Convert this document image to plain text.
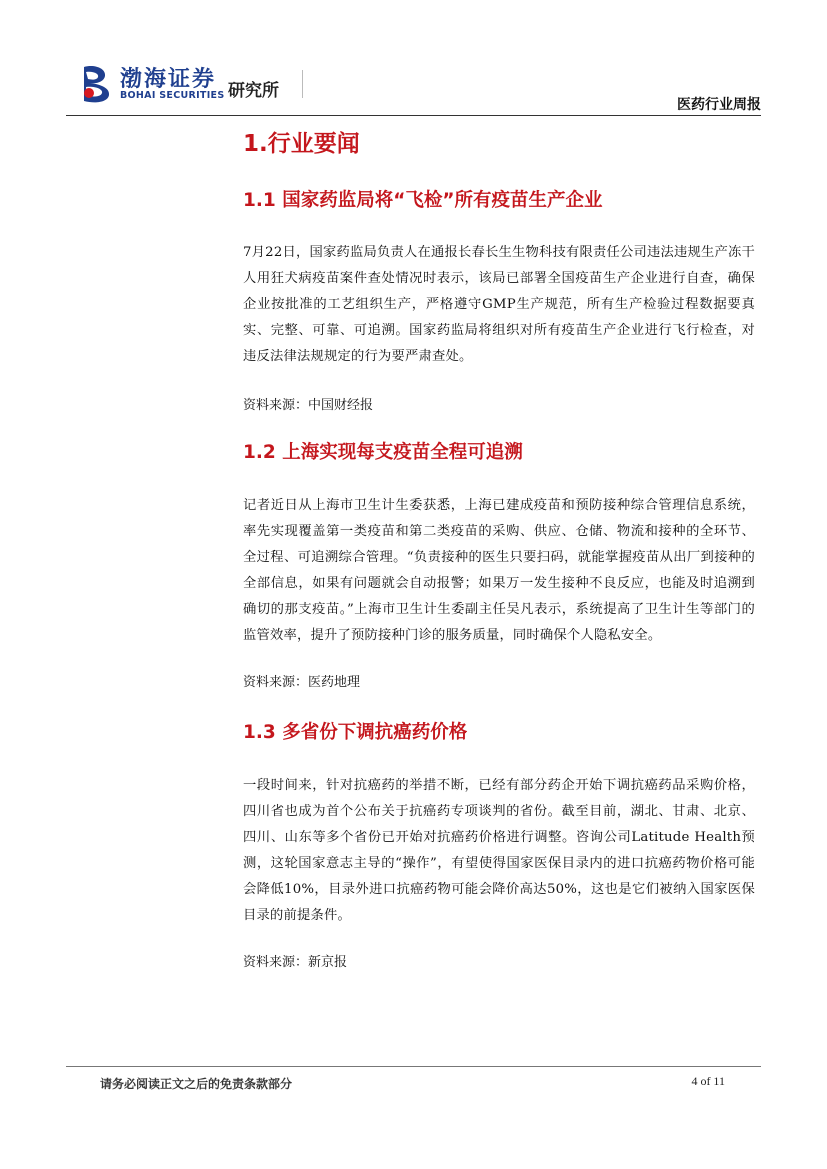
渤海证券
BOHAI SECURITIES 研究所
医药行业周报
1.行业要闻
1.1 国家药监局将“飞检”所有疫苗生产企业

7月22日，国家药监局负责人在通报长春长生生物科技有限责任公司违法违规生产冻干人用狂犬病疫苗案件查处情况时表示，该局已部署全国疫苗生产企业进行自查，确保企业按批准的工艺组织生产，严格遵守GMP生产规范，所有生产检验过程数据要真实、完整、可靠、可追溯。国家药监局将组织对所有疫苗生产企业进行飞行检查，对违反法律法规规定的行为要严肃查处。

资料来源：中国财经报

1.2 上海实现每支疫苗全程可追溯

记者近日从上海市卫生计生委获悉，上海已建成疫苗和预防接种综合管理信息系统，率先实现覆盖第一类疫苗和第二类疫苗的采购、供应、仓储、物流和接种的全环节、全过程、可追溯综合管理。“负责接种的医生只要扫码，就能掌握疫苗从出厂到接种的全部信息，如果有问题就会自动报警；如果万一发生接种不良反应，也能及时追溯到确切的那支疫苗。”上海市卫生计生委副主任吴凡表示，系统提高了卫生计生等部门的监管效率，提升了预防接种门诊的服务质量，同时确保个人隐私安全。

资料来源：医药地理

1.3 多省份下调抗癌药价格

一段时间来，针对抗癌药的举措不断，已经有部分药企开始下调抗癌药品采购价格，四川省也成为首个公布关于抗癌药专项谈判的省份。截至目前，湖北、甘肃、北京、四川、山东等多个省份已开始对抗癌药价格进行调整。咨询公司Latitude Health预测，这轮国家意志主导的“操作”，有望使得国家医保目录内的进口抗癌药物价格可能会降低10%，目录外进口抗癌药物可能会降价高达50%，这也是它们被纳入国家医保目录的前提条件。

资料来源：新京报

请务必阅读正文之后的免责条款部分	4 of 11
